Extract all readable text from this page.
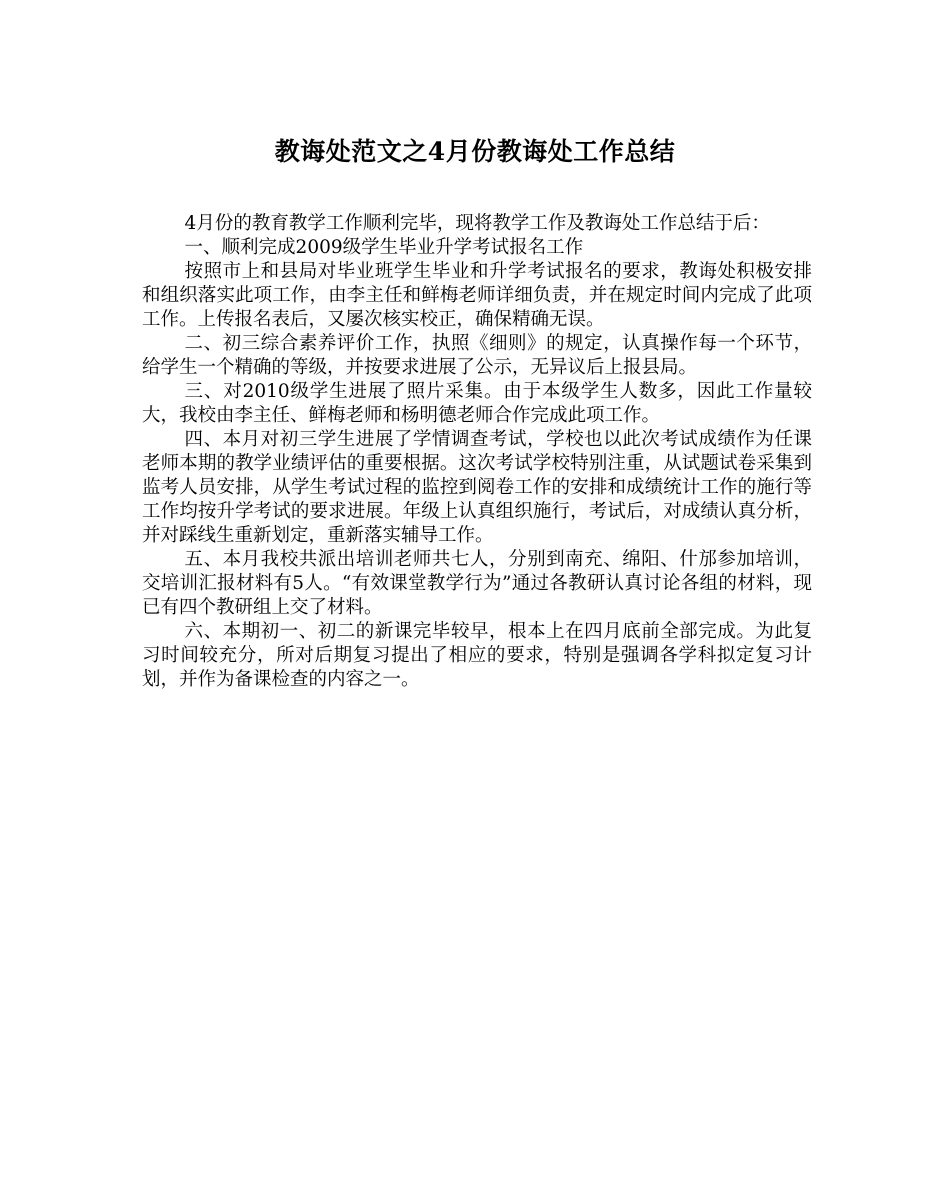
教诲处范文之4月份教诲处工作总结

4月份的教育教学工作顺利完毕，现将教学工作及教诲处工作总结于后：

一、顺利完成2009级学生毕业升学考试报名工作

按照市上和县局对毕业班学生毕业和升学考试报名的要求，教诲处积极安排和组织落实此项工作，由李主任和鲜梅老师详细负责，并在规定时间内完成了此项工作。上传报名表后，又屡次核实校正，确保精确无误。

二、初三综合素养评价工作，执照《细则》的规定，认真操作每一个环节，给学生一个精确的等级，并按要求进展了公示，无异议后上报县局。

三、对2010级学生进展了照片采集。由于本级学生人数多，因此工作量较大，我校由李主任、鲜梅老师和杨明德老师合作完成此项工作。

四、本月对初三学生进展了学情调查考试，学校也以此次考试成绩作为任课老师本期的教学业绩评估的重要根据。这次考试学校特别注重，从试题试卷采集到监考人员安排，从学生考试过程的监控到阅卷工作的安排和成绩统计工作的施行等工作均按升学考试的要求进展。年级上认真组织施行，考试后，对成绩认真分析，并对踩线生重新划定，重新落实辅导工作。

五、本月我校共派出培训老师共七人，分别到南充、绵阳、什邡参加培训，交培训汇报材料有5人。“有效课堂教学行为”通过各教研认真讨论各组的材料，现已有四个教研组上交了材料。

六、本期初一、初二的新课完毕较早，根本上在四月底前全部完成。为此复习时间较充分，所对后期复习提出了相应的要求，特别是强调各学科拟定复习计划，并作为备课检查的内容之一。
